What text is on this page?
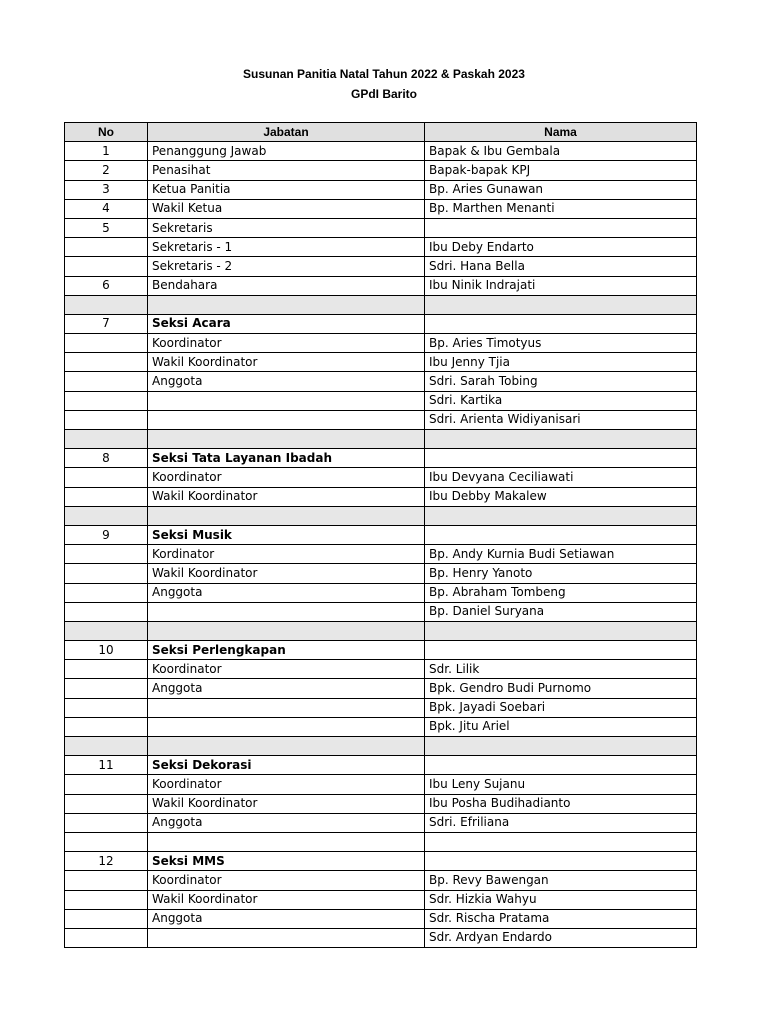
Susunan Panitia Natal Tahun 2022 & Paskah 2023
GPdI Barito
No	Jabatan	Nama
1	Penanggung Jawab	Bapak & Ibu Gembala
2	Penasihat	Bapak-bapak KPJ
3	Ketua Panitia	Bp. Aries Gunawan
4	Wakil Ketua	Bp. Marthen Menanti
5	Sekretaris	
	Sekretaris - 1	Ibu Deby Endarto
	Sekretaris - 2	Sdri. Hana Bella
6	Bendahara	Ibu Ninik Indrajati

7	Seksi Acara	
	Koordinator	Bp. Aries Timotyus
	Wakil Koordinator	Ibu Jenny Tjia
	Anggota	Sdri. Sarah Tobing
		Sdri. Kartika
		Sdri. Arienta Widiyanisari

8	Seksi Tata Layanan Ibadah	
	Koordinator	Ibu Devyana Ceciliawati
	Wakil Koordinator	Ibu Debby Makalew

9	Seksi Musik	
	Kordinator	Bp. Andy Kurnia Budi Setiawan
	Wakil Koordinator	Bp. Henry Yanoto
	Anggota	Bp. Abraham Tombeng
		Bp. Daniel Suryana

10	Seksi Perlengkapan	
	Koordinator	Sdr. Lilik
	Anggota	Bpk. Gendro Budi Purnomo
		Bpk. Jayadi Soebari
		Bpk. Jitu Ariel

11	Seksi Dekorasi	
	Koordinator	Ibu Leny Sujanu
	Wakil Koordinator	Ibu Posha Budihadianto
	Anggota	Sdri. Efriliana

12	Seksi MMS	
	Koordinator	Bp. Revy Bawengan
	Wakil Koordinator	Sdr. Hizkia Wahyu
	Anggota	Sdr. Rischa Pratama
		Sdr. Ardyan Endardo
